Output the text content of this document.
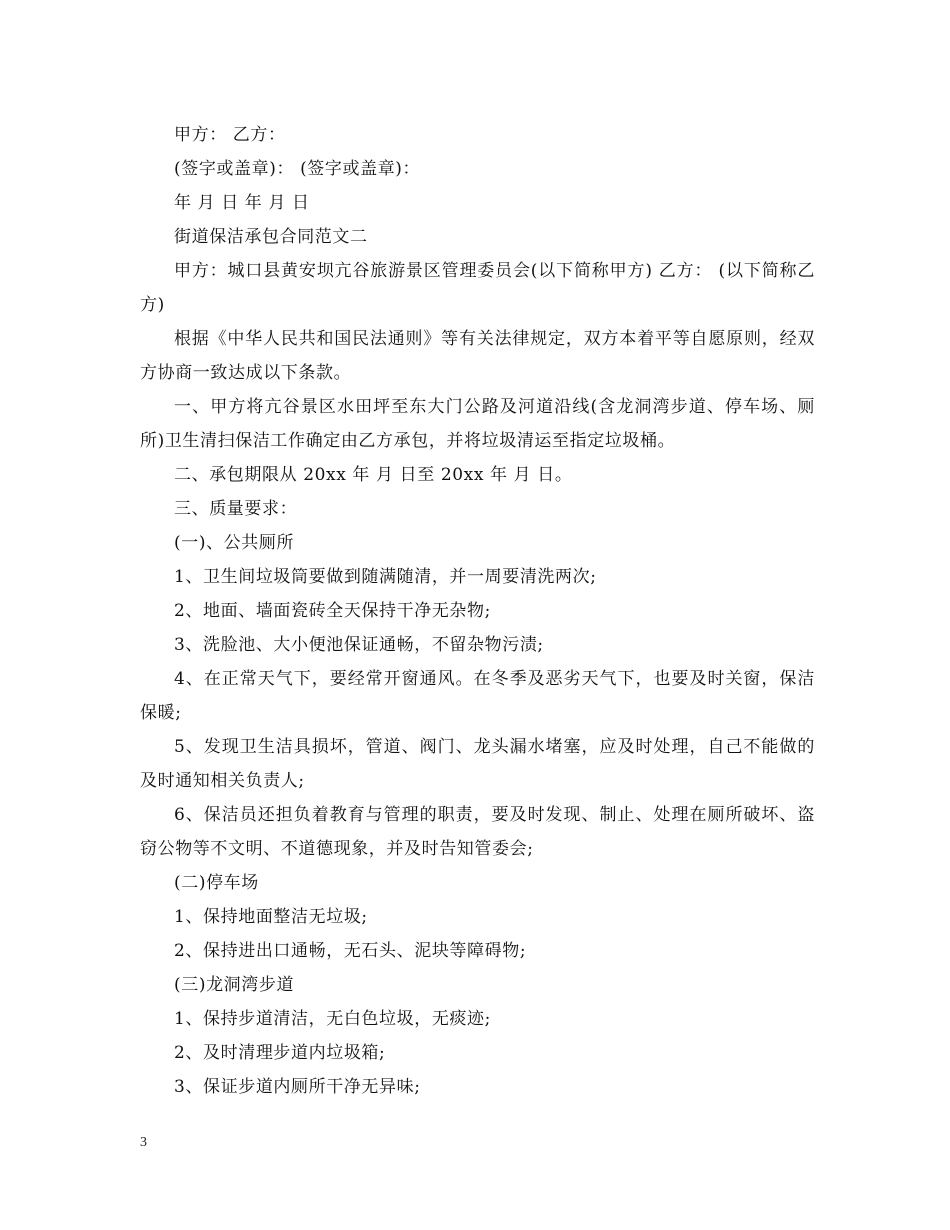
甲方： 乙方：

(签字或盖章)： (签字或盖章)：

年 月 日 年 月 日

街道保洁承包合同范文二

甲方：城口县黄安坝亢谷旅游景区管理委员会(以下简称甲方) 乙方： (以下简称乙方)

根据《中华人民共和国民法通则》等有关法律规定，双方本着平等自愿原则，经双方协商一致达成以下条款。

一、甲方将亢谷景区水田坪至东大门公路及河道沿线(含龙洞湾步道、停车场、厕所)卫生清扫保洁工作确定由乙方承包，并将垃圾清运至指定垃圾桶。

二、承包期限从 20xx 年 月 日至 20xx 年 月 日。

三、质量要求：

(一)、公共厕所

1、卫生间垃圾筒要做到随满随清，并一周要清洗两次;

2、地面、墙面瓷砖全天保持干净无杂物;

3、洗脸池、大小便池保证通畅，不留杂物污渍;

4、在正常天气下，要经常开窗通风。在冬季及恶劣天气下，也要及时关窗，保洁保暖;

5、发现卫生洁具损坏，管道、阀门、龙头漏水堵塞，应及时处理，自己不能做的及时通知相关负责人;

6、保洁员还担负着教育与管理的职责，要及时发现、制止、处理在厕所破坏、盗窃公物等不文明、不道德现象，并及时告知管委会;

(二)停车场

1、保持地面整洁无垃圾;

2、保持进出口通畅，无石头、泥块等障碍物;

(三)龙洞湾步道

1、保持步道清洁，无白色垃圾，无痰迹;

2、及时清理步道内垃圾箱;

3、保证步道内厕所干净无异味;

3
